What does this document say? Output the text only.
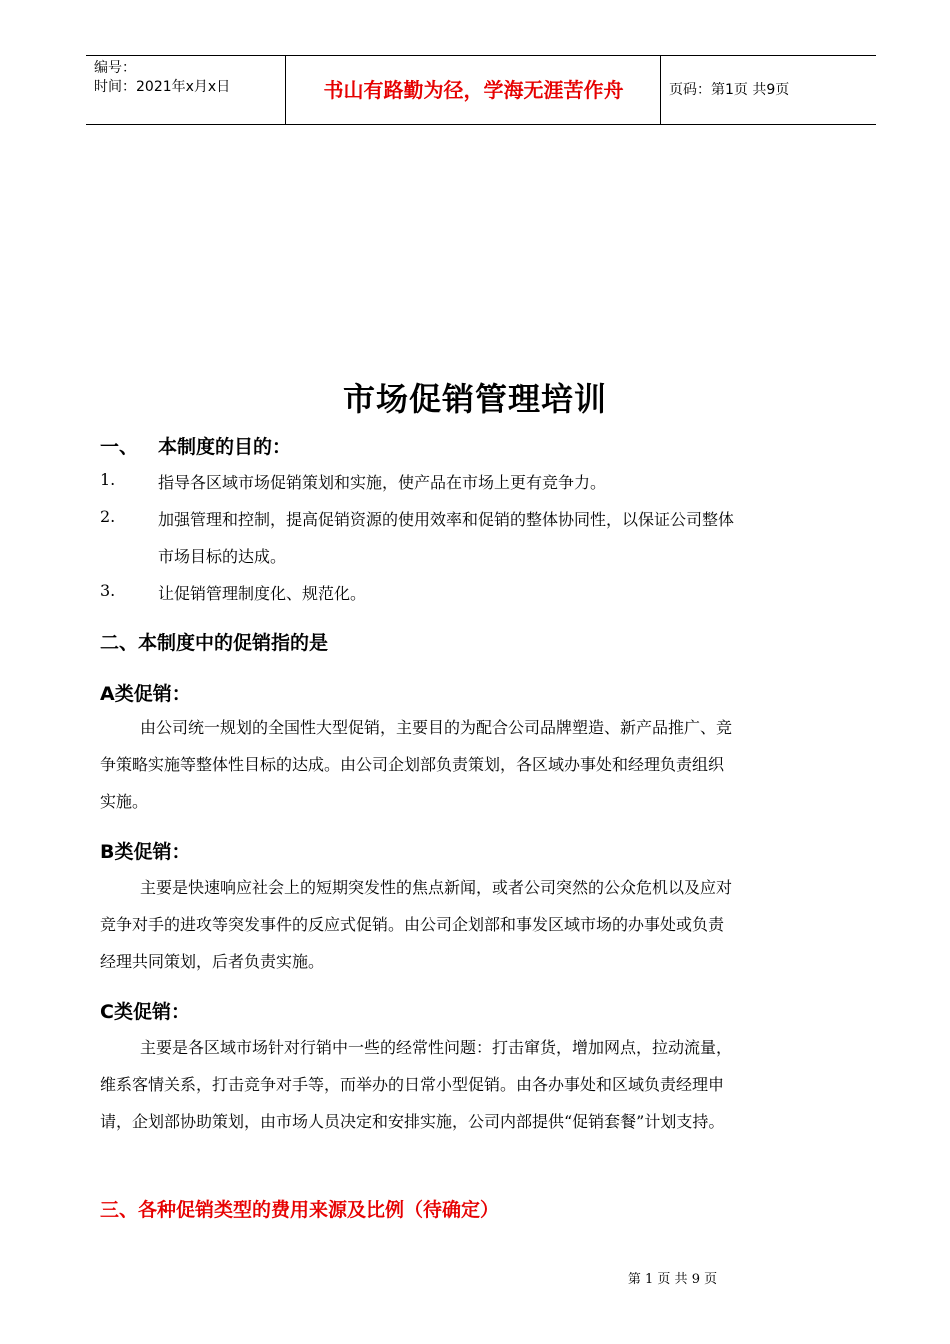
编号：
时间：2021年x月x日	书山有路勤为径，学海无涯苦作舟	页码：第1页 共9页
市场促销管理培训
一、 本制度的目的：
1.	指导各区域市场促销策划和实施，使产品在市场上更有竞争力。
2.	加强管理和控制，提高促销资源的使用效率和促销的整体协同性，以保证公司整体
市场目标的达成。
3.	让促销管理制度化、规范化。
二、本制度中的促销指的是
A类促销：
由公司统一规划的全国性大型促销，主要目的为配合公司品牌塑造、新产品推广、竞
争策略实施等整体性目标的达成。由公司企划部负责策划，各区域办事处和经理负责组织
实施。
B类促销：
主要是快速响应社会上的短期突发性的焦点新闻，或者公司突然的公众危机以及应对
竞争对手的进攻等突发事件的反应式促销。由公司企划部和事发区域市场的办事处或负责
经理共同策划，后者负责实施。
C类促销：
主要是各区域市场针对行销中一些的经常性问题：打击窜货，增加网点，拉动流量，
维系客情关系，打击竞争对手等，而举办的日常小型促销。由各办事处和区域负责经理申
请，企划部协助策划，由市场人员决定和安排实施，公司内部提供“促销套餐”计划支持。
三、各种促销类型的费用来源及比例（待确定）
第 1 页 共 9 页
